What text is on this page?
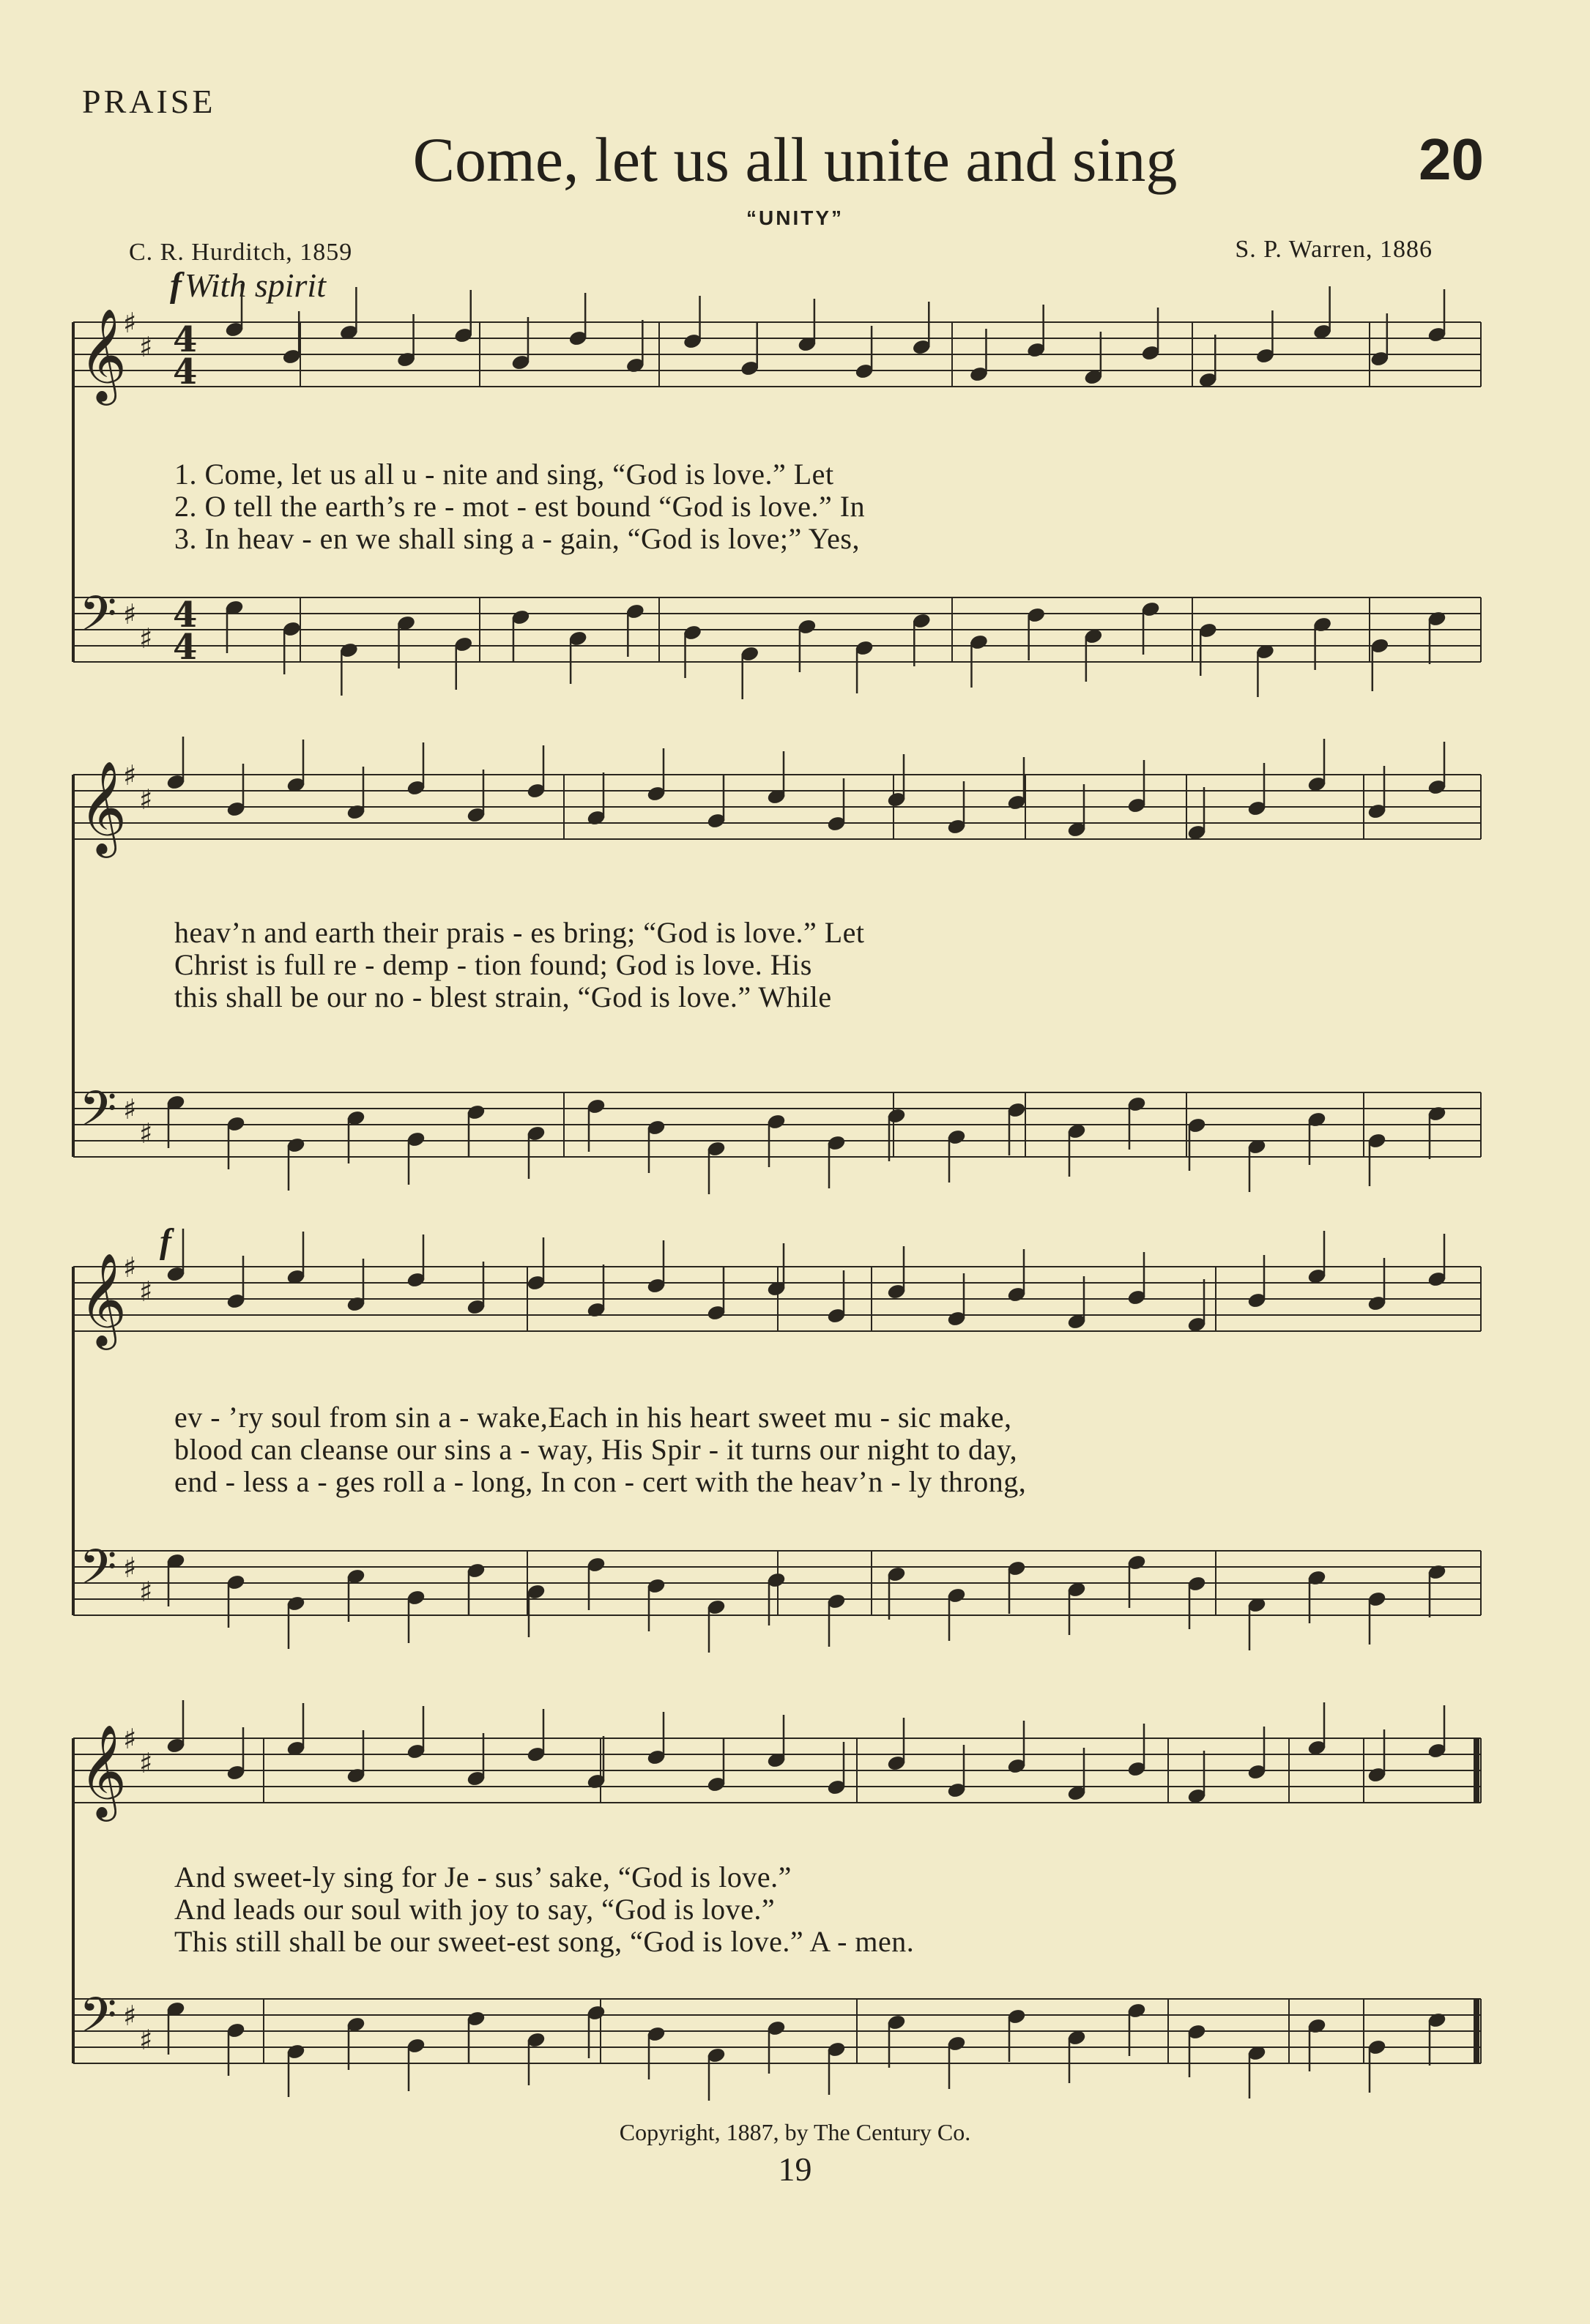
PRAISE
Come, let us all unite and sing	20
“UNITY”
C. R. Hurditch, 1859	S. P. Warren, 1886
f With spirit
f
𝄞
𝄢
♯
♯
♯
♯
4
4
4
4
𝄞
𝄢
♯
♯
♯
♯
𝄞
𝄢
♯
♯
♯
♯
𝄞
𝄢
♯
♯
♯
♯
1. Come, let us all u - nite and sing, “God is love.” Let
2. O tell the earth’s re - mot - est bound “God is love.” In
3. In heav - en we shall sing a - gain, “God is love;” Yes,
heav’n and earth their prais - es bring; “God is love.” Let
Christ is full re - demp - tion found; God is love. His
this shall be our no - blest strain, “God is love.” While
ev - ’ry soul from sin a - wake,Each in his heart sweet mu - sic make,
blood can cleanse our sins a - way, His Spir - it turns our night to day,
end - less a - ges roll a - long, In con - cert with the heav’n - ly throng,
And sweet-ly sing for Je - sus’ sake, “God is love.”
And leads our soul with joy to say, “God is love.”
This still shall be our sweet-est song, “God is love.” A - men.
Copyright, 1887, by The Century Co.
19
